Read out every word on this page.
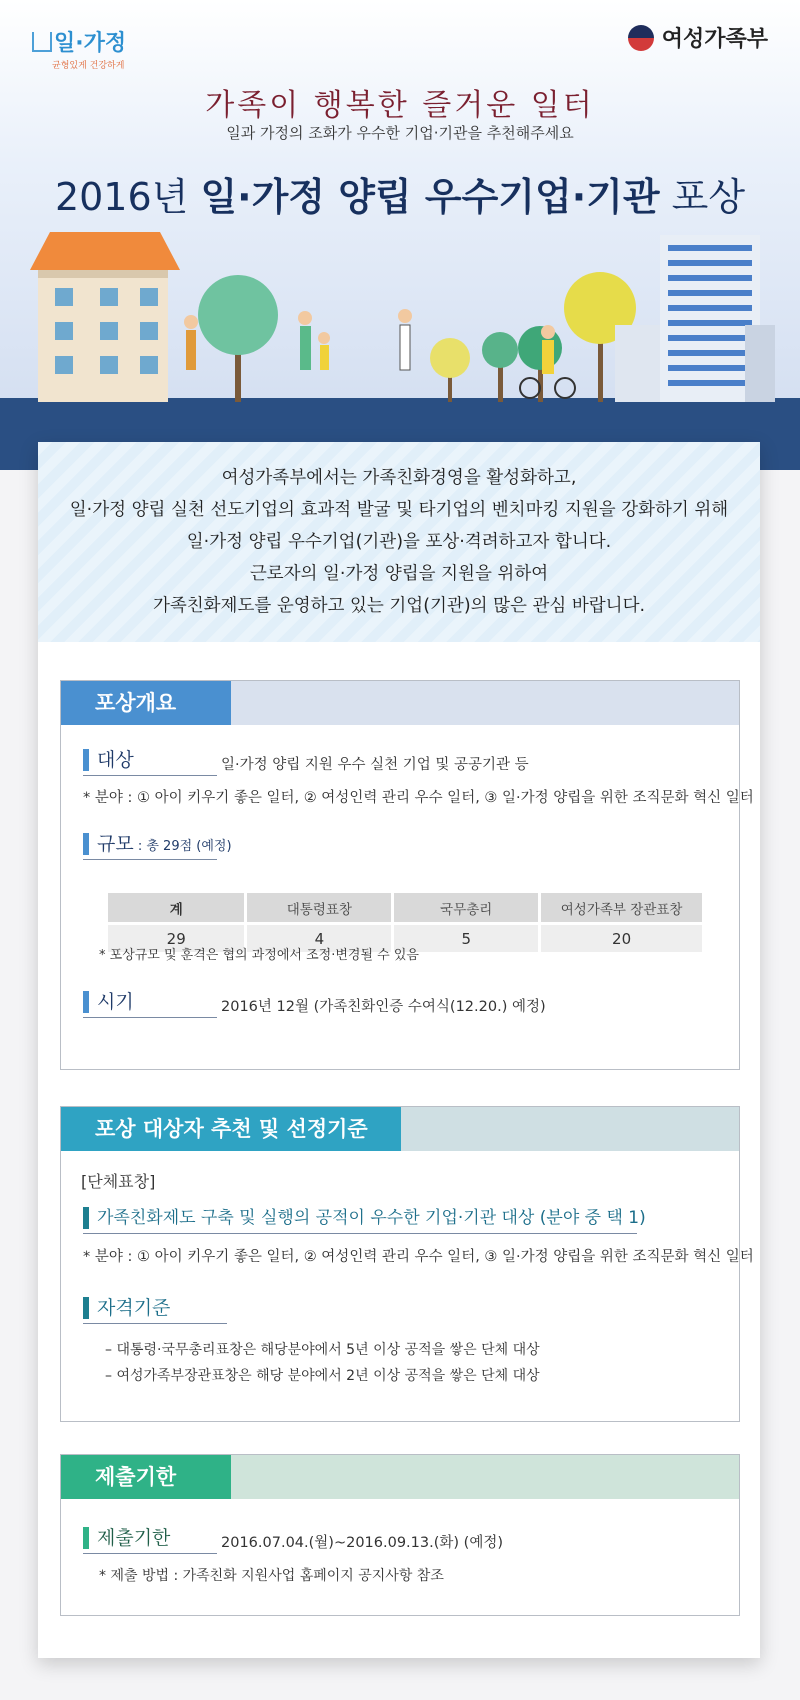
일·가정
균형있게 건강하게
여성가족부
가족이 행복한 즐거운 일터
일과 가정의 조화가 우수한 기업·기관을 추천해주세요
2016년 일·가정 양립 우수기업·기관 포상
여성가족부에서는 가족친화경영을 활성화하고,
일·가정 양립 실천 선도기업의 효과적 발굴 및 타기업의 벤치마킹 지원을 강화하기 위해
일·가정 양립 우수기업(기관)을 포상·격려하고자 합니다.
근로자의 일·가정 양립을 지원을 위하여
가족친화제도를 운영하고 있는 기업(기관)의 많은 관심 바랍니다.
포상개요
대상	일·가정 양립 지원 우수 실천 기업 및 공공기관 등
* 분야 : ① 아이 키우기 좋은 일터, ② 여성인력 관리 우수 일터, ③ 일·가정 양립을 위한 조직문화 혁신 일터
규모 : 총 29점 (예정)
계	대통령표창	국무총리	여성가족부 장관표창
29	4	5	20
* 포상규모 및 훈격은 협의 과정에서 조정·변경될 수 있음
시기	2016년 12월 (가족친화인증 수여식(12.20.) 예정)
포상 대상자 추천 및 선정기준
[단체표창]
가족친화제도 구축 및 실행의 공적이 우수한 기업·기관 대상 (분야 중 택 1)
* 분야 : ① 아이 키우기 좋은 일터, ② 여성인력 관리 우수 일터, ③ 일·가정 양립을 위한 조직문화 혁신 일터
자격기준
– 대통령·국무총리표창은 해당분야에서 5년 이상 공적을 쌓은 단체 대상
– 여성가족부장관표창은 해당 분야에서 2년 이상 공적을 쌓은 단체 대상
제출기한
제출기한	2016.07.04.(월)~2016.09.13.(화) (예정)
* 제출 방법 : 가족친화 지원사업 홈페이지 공지사항 참조
